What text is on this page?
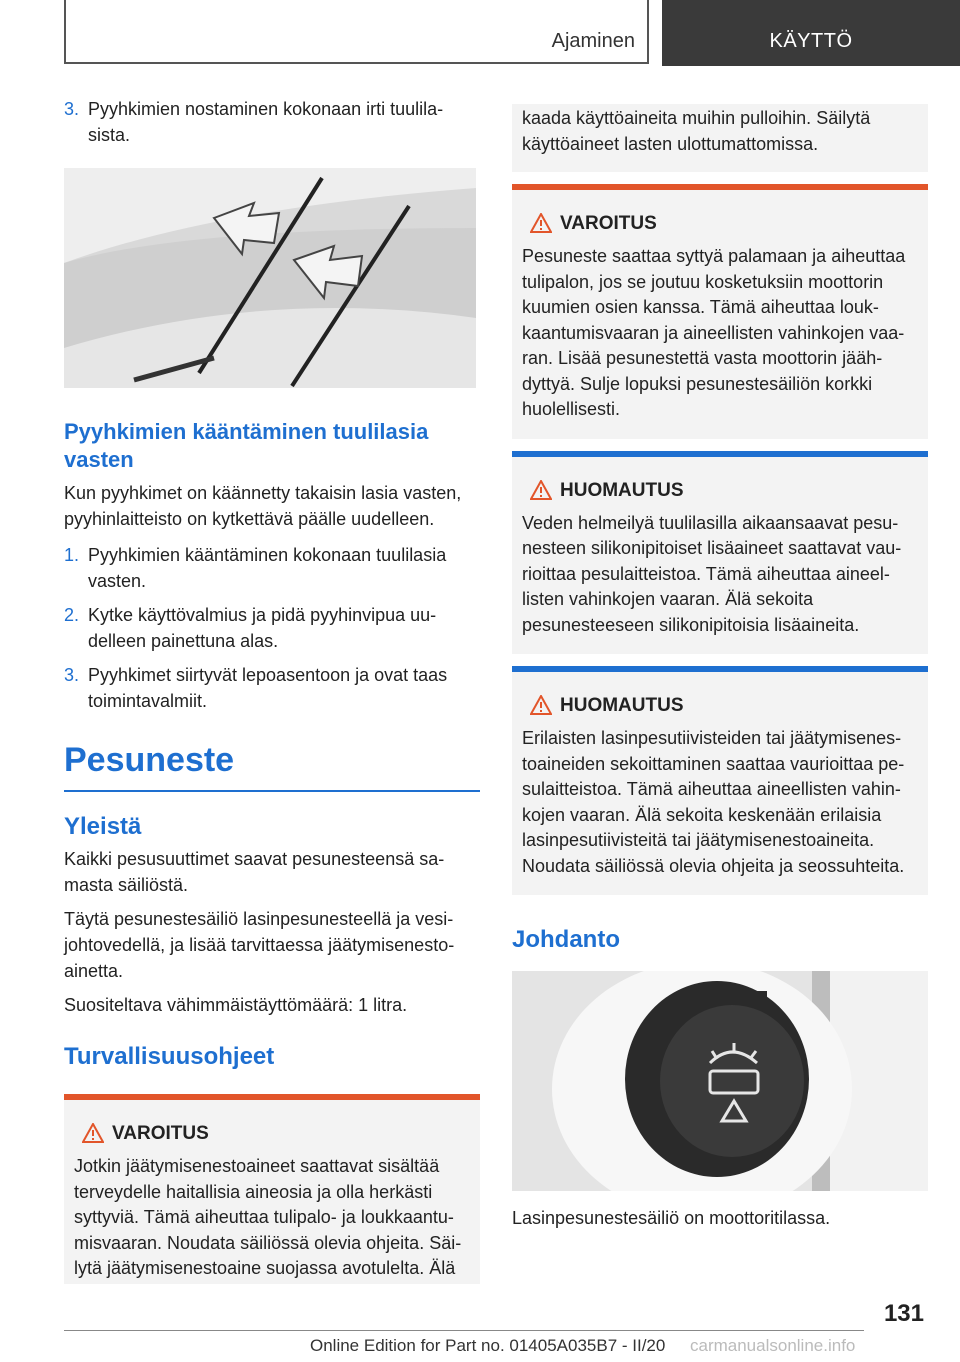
Ajaminen	KÄYTTÖ
3. Pyyhkimien nostaminen kokonaan irti tuulila‐sista.
Pyyhkimien kääntäminen tuulilasia vasten
Kun pyyhkimet on käännetty takaisin lasia vasten, pyyhinlaitteisto on kytkettävä päälle uudelleen.
1. Pyyhkimien kääntäminen kokonaan tuulilasia vasten.
2. Kytke käyttövalmius ja pidä pyyhinvipua uu‐delleen painettuna alas.
3. Pyyhkimet siirtyvät lepoasentoon ja ovat taas toimintavalmiit.
Pesuneste
Yleistä
Kaikki pesusuuttimet saavat pesunesteensä sa‐masta säiliöstä.
Täytä pesunestesäiliö lasinpesunesteellä ja vesi‐johtovedellä, ja lisää tarvittaessa jäätymisenesto‐ainetta.
Suositeltava vähimmäistäyttömäärä: 1 litra.
Turvallisuusohjeet
VAROITUS
Jotkin jäätymisenestoaineet saattavat sisältää terveydelle haitallisia aineosia ja olla herkästi syttyviä. Tämä aiheuttaa tulipalo- ja loukkaantu‐misvaaran. Noudata säiliössä olevia ohjeita. Säi‐lytä jäätymisenestoaine suojassa avotulelta. Älä
kaada käyttöaineita muihin pulloihin. Säilytä käyttöaineet lasten ulottumattomissa.
VAROITUS
Pesuneste saattaa syttyä palamaan ja aiheuttaa tulipalon, jos se joutuu kosketuksiin moottorin kuumien osien kanssa. Tämä aiheuttaa louk‐kaantumisvaaran ja aineellisten vahinkojen vaa‐ran. Lisää pesunestettä vasta moottorin jääh‐dyttyä. Sulje lopuksi pesunestesäiliön korkki huolellisesti.
HUOMAUTUS
Veden helmeilyä tuulilasilla aikaansaavat pesu‐nesteen silikonipitoiset lisäaineet saattavat vau‐rioittaa pesulaitteistoa. Tämä aiheuttaa aineel‐listen vahinkojen vaaran. Älä sekoita pesunesteeseen silikonipitoisia lisäaineita.
HUOMAUTUS
Erilaisten lasinpesutiivisteiden tai jäätymisenes‐toaineiden sekoittaminen saattaa vaurioittaa pe‐sulaitteistoa. Tämä aiheuttaa aineellisten vahin‐kojen vaaran. Älä sekoita keskenään erilaisia lasinpesutiivisteitä tai jäätymisenestoaineita. Noudata säiliössä olevia ohjeita ja seossuhteita.
Johdanto
Lasinpesunestesäiliö on moottoritilassa.
131
Online Edition for Part no. 01405A035B7 - II/20 carmanualsonline.info
